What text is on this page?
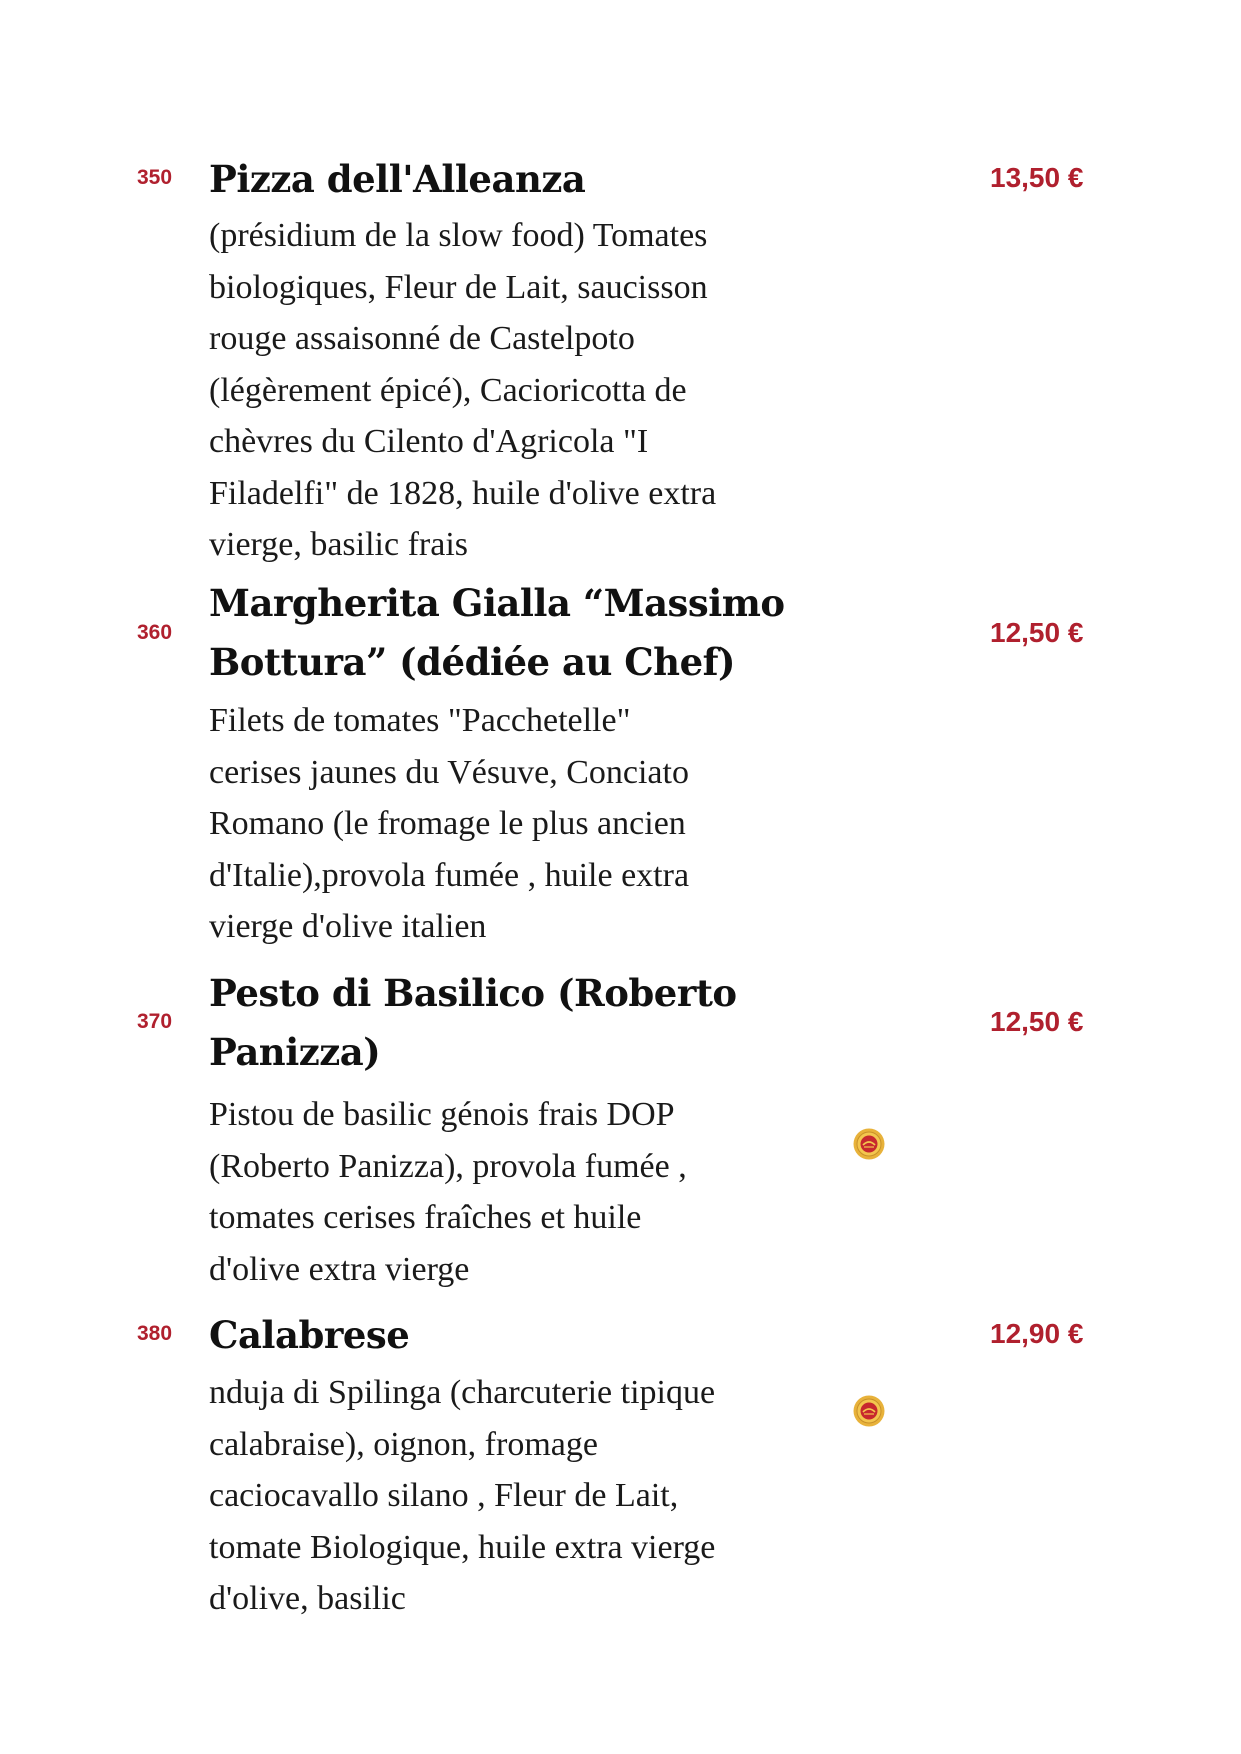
350 Pizza dell'Alleanza	13,50 €
(présidium de la slow food) Tomates
biologiques, Fleur de Lait, saucisson
rouge assaisonné de Castelpoto
(légèrement épicé), Cacioricotta de
chèvres du Cilento d'Agricola "I
Filadelfi" de 1828, huile d'olive extra
vierge, basilic frais
360
Margherita Gialla “Massimo
Bottura” (dédiée au Chef)
12,50 €
Filets de tomates "Pacchetelle"
cerises jaunes du Vésuve, Conciato
Romano (le fromage le plus ancien
d'Italie),provola fumée , huile extra
vierge d'olive italien
370
Pesto di Basilico (Roberto
Panizza)
12,50 €
Pistou de basilic génois frais DOP
(Roberto Panizza), provola fumée ,
tomates cerises fraîches et huile
d'olive extra vierge
380 Calabrese	12,90 €
nduja di Spilinga (charcuterie tipique
calabraise), oignon, fromage
caciocavallo silano , Fleur de Lait,
tomate Biologique, huile extra vierge
d'olive, basilic
